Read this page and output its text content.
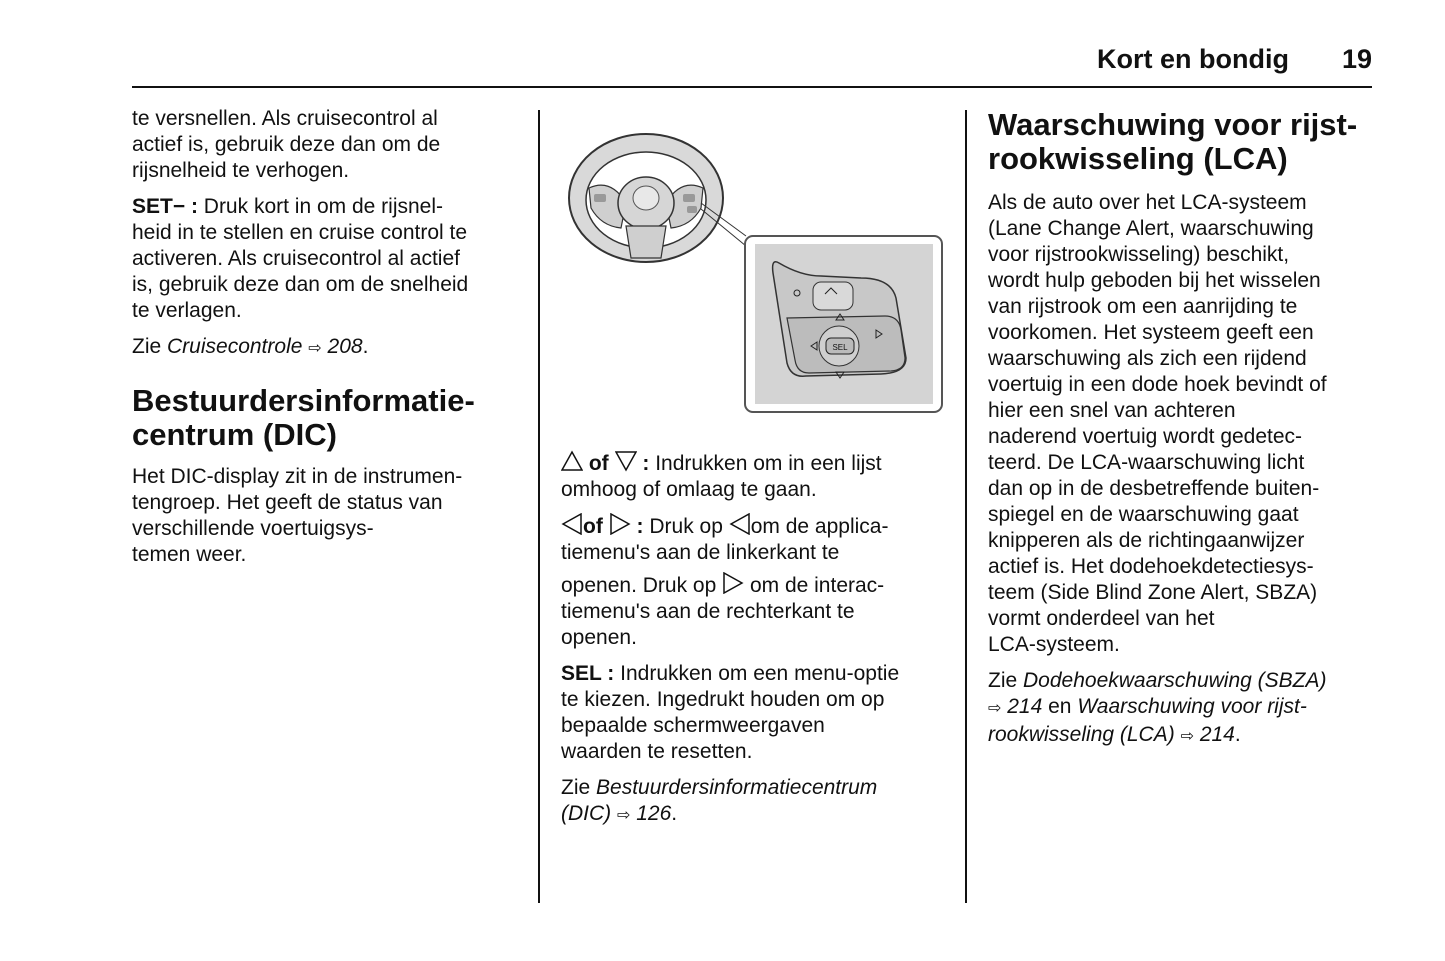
Kort en bondig	19

te versnellen. Als cruisecontrol al
actief is, gebruik deze dan om de
rijsnelheid te verhogen.

SET− : Druk kort in om de rijsnel-
heid in te stellen en cruise control te
activeren. Als cruisecontrol al actief
is, gebruik deze dan om de snelheid
te verlagen.

Zie Cruisecontrole ⇨ 208.

Bestuurdersinformatie-
centrum (DIC)

Het DIC-display zit in de instrumen-
tengroep. Het geeft de status van
verschillende voertuigsys-
temen weer.

SEL

of : Indrukken om in een lijst
omhoog of omlaag te gaan.

of : Druk op om de applica-
tiemenu's aan de linkerkant te
openen. Druk op  om de interac-
tiemenu's aan de rechterkant te
openen.

SEL : Indrukken om een menu-optie
te kiezen. Ingedrukt houden om op
bepaalde schermweergaven
waarden te resetten.

Zie Bestuurdersinformatiecentrum
(DIC) ⇨ 126.

Waarschuwing voor rijst-
rookwisseling (LCA)

Als de auto over het LCA-systeem
(Lane Change Alert, waarschuwing
voor rijstrookwisseling) beschikt,
wordt hulp geboden bij het wisselen
van rijstrook om een aanrijding te
voorkomen. Het systeem geeft een
waarschuwing als zich een rijdend
voertuig in een dode hoek bevindt of
hier een snel van achteren
naderend voertuig wordt gedetec-
teerd. De LCA-waarschuwing licht
dan op in de desbetreffende buiten-
spiegel en de waarschuwing gaat
knipperen als de richtingaanwijzer
actief is. Het dodehoekdetectiesys-
teem (Side Blind Zone Alert, SBZA)
vormt onderdeel van het
LCA-systeem.

Zie Dodehoekwaarschuwing (SBZA)
⇨ 214 en Waarschuwing voor rijst-
rookwisseling (LCA) ⇨ 214.
